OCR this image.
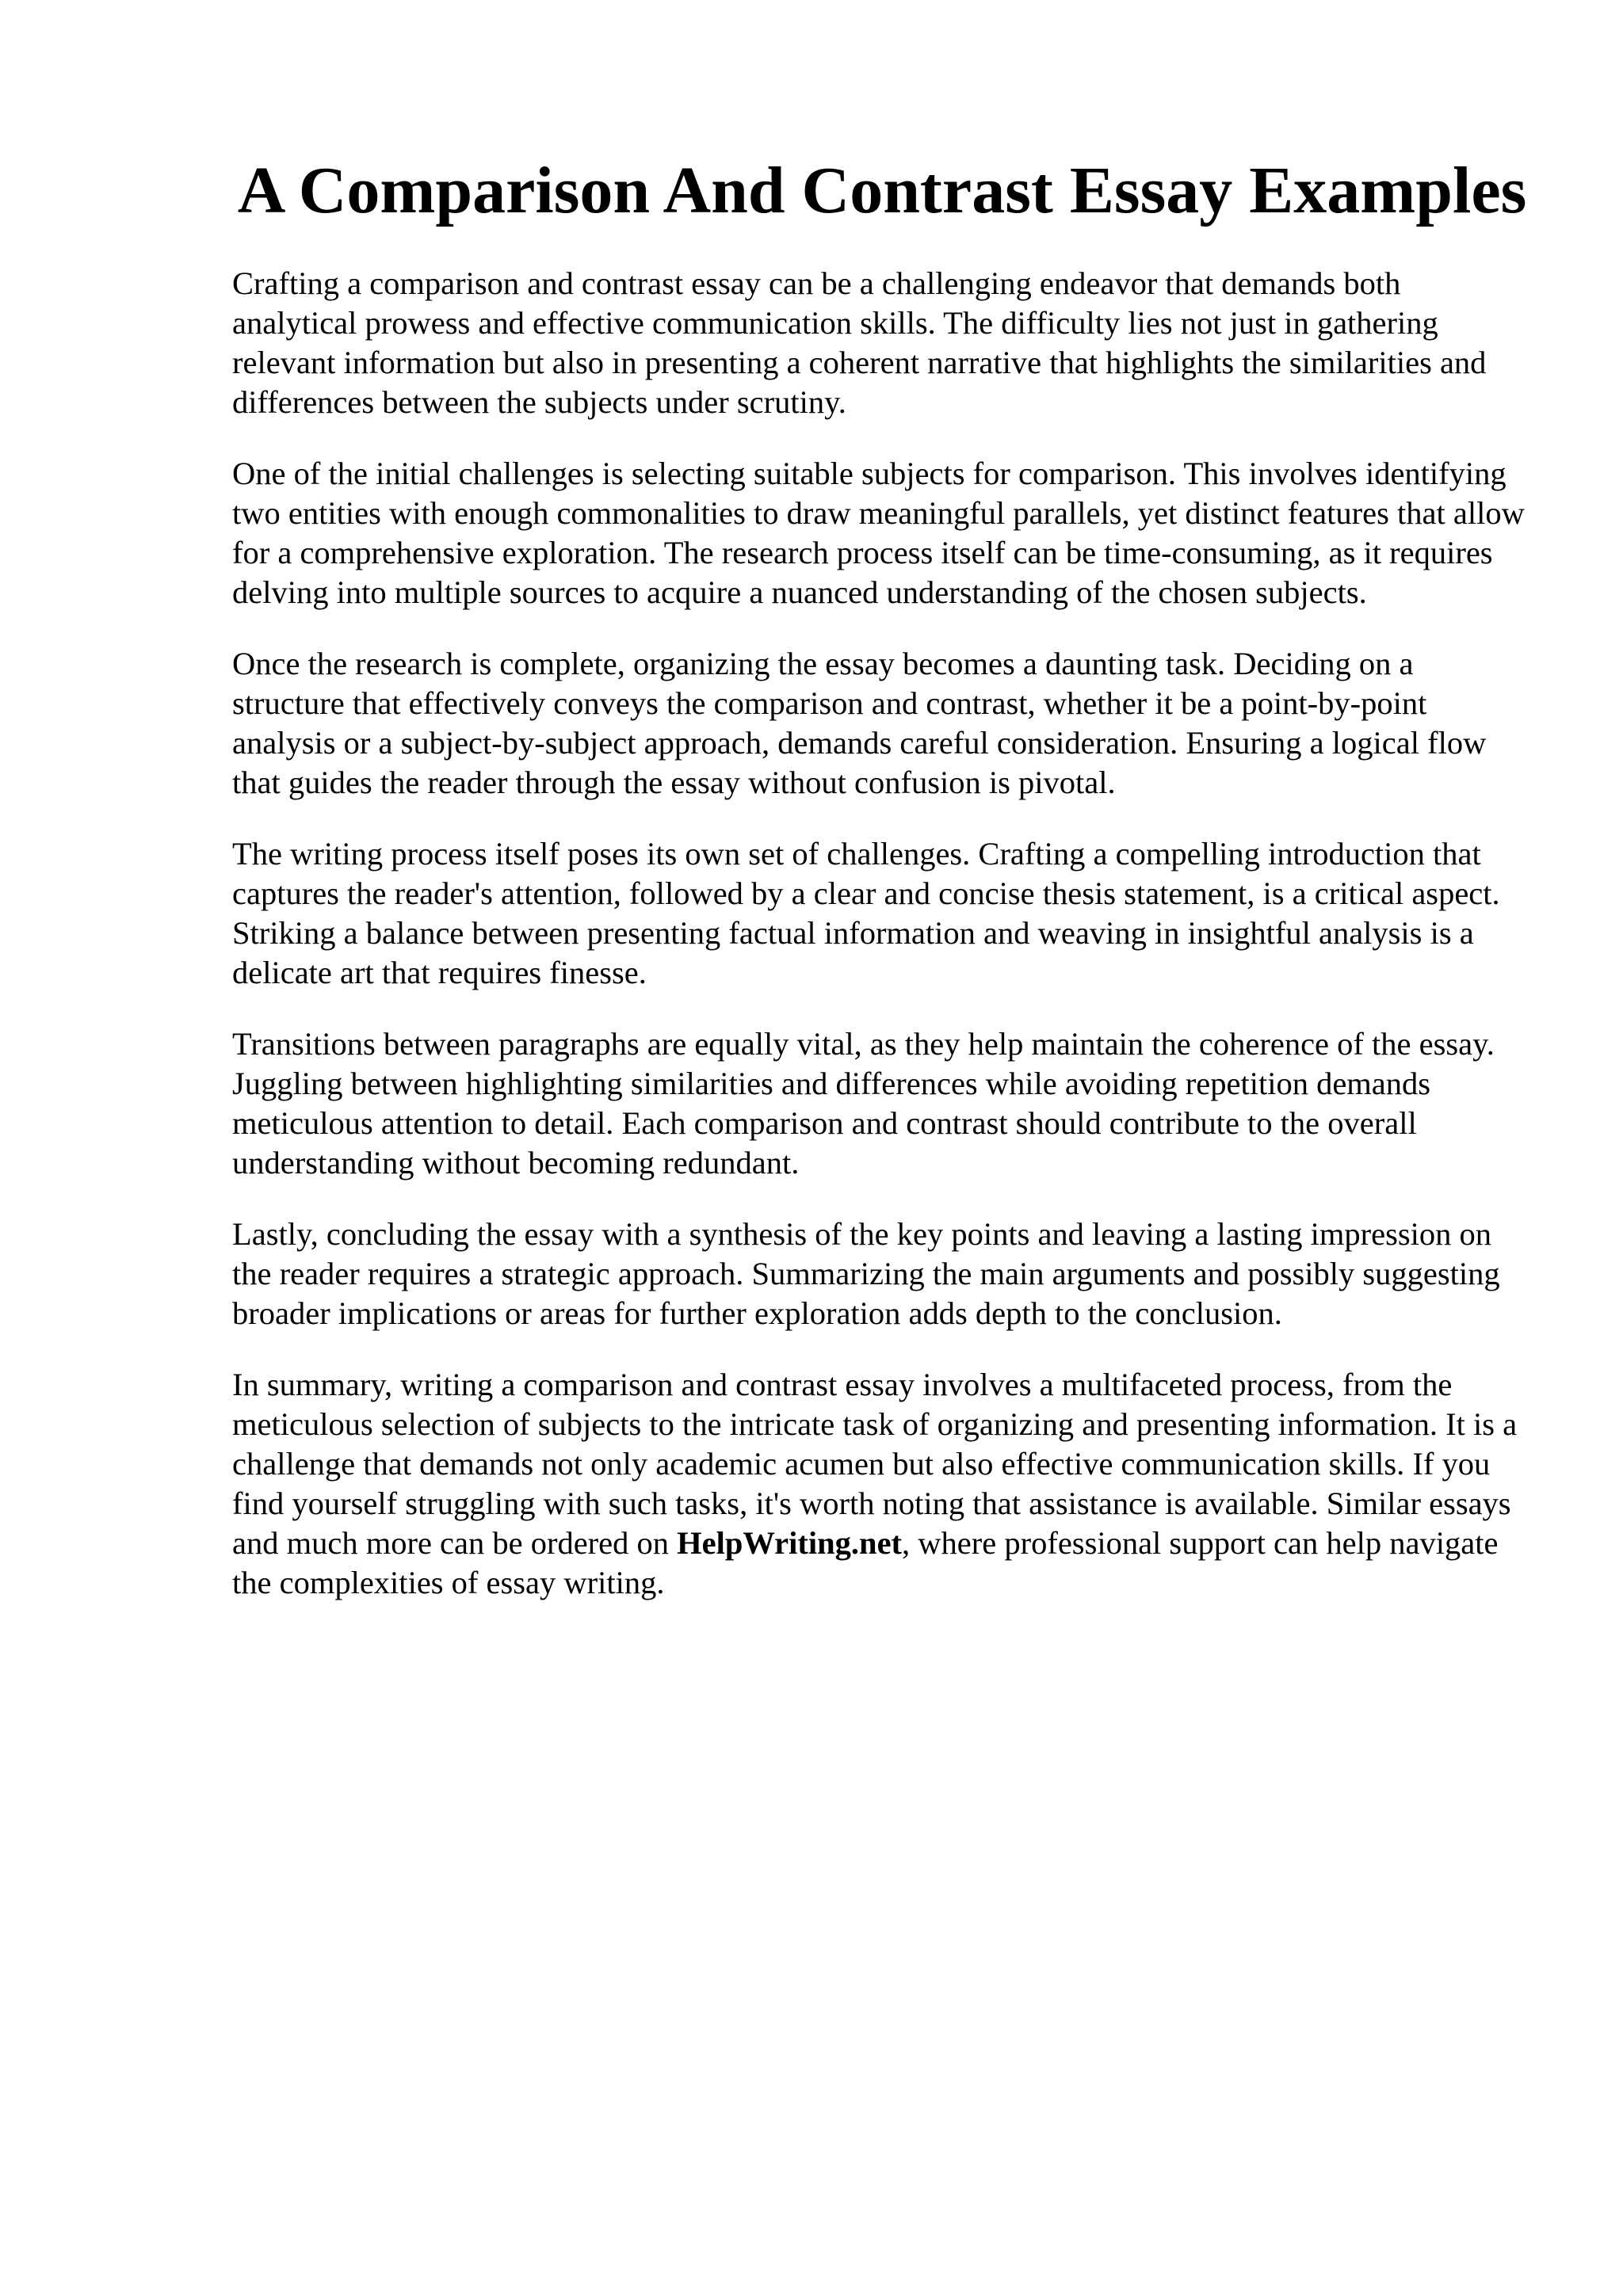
A Comparison And Contrast Essay Examples

Crafting a comparison and contrast essay can be a challenging endeavor that demands both analytical prowess and effective communication skills. The difficulty lies not just in gathering relevant information but also in presenting a coherent narrative that highlights the similarities and differences between the subjects under scrutiny.

One of the initial challenges is selecting suitable subjects for comparison. This involves identifying two entities with enough commonalities to draw meaningful parallels, yet distinct features that allow for a comprehensive exploration. The research process itself can be time-consuming, as it requires delving into multiple sources to acquire a nuanced understanding of the chosen subjects.

Once the research is complete, organizing the essay becomes a daunting task. Deciding on a structure that effectively conveys the comparison and contrast, whether it be a point-by-point analysis or a subject-by-subject approach, demands careful consideration. Ensuring a logical flow that guides the reader through the essay without confusion is pivotal.

The writing process itself poses its own set of challenges. Crafting a compelling introduction that captures the reader's attention, followed by a clear and concise thesis statement, is a critical aspect. Striking a balance between presenting factual information and weaving in insightful analysis is a delicate art that requires finesse.

Transitions between paragraphs are equally vital, as they help maintain the coherence of the essay. Juggling between highlighting similarities and differences while avoiding repetition demands meticulous attention to detail. Each comparison and contrast should contribute to the overall understanding without becoming redundant.

Lastly, concluding the essay with a synthesis of the key points and leaving a lasting impression on the reader requires a strategic approach. Summarizing the main arguments and possibly suggesting broader implications or areas for further exploration adds depth to the conclusion.

In summary, writing a comparison and contrast essay involves a multifaceted process, from the meticulous selection of subjects to the intricate task of organizing and presenting information. It is a challenge that demands not only academic acumen but also effective communication skills. If you find yourself struggling with such tasks, it's worth noting that assistance is available. Similar essays and much more can be ordered on HelpWriting.net, where professional support can help navigate the complexities of essay writing.
